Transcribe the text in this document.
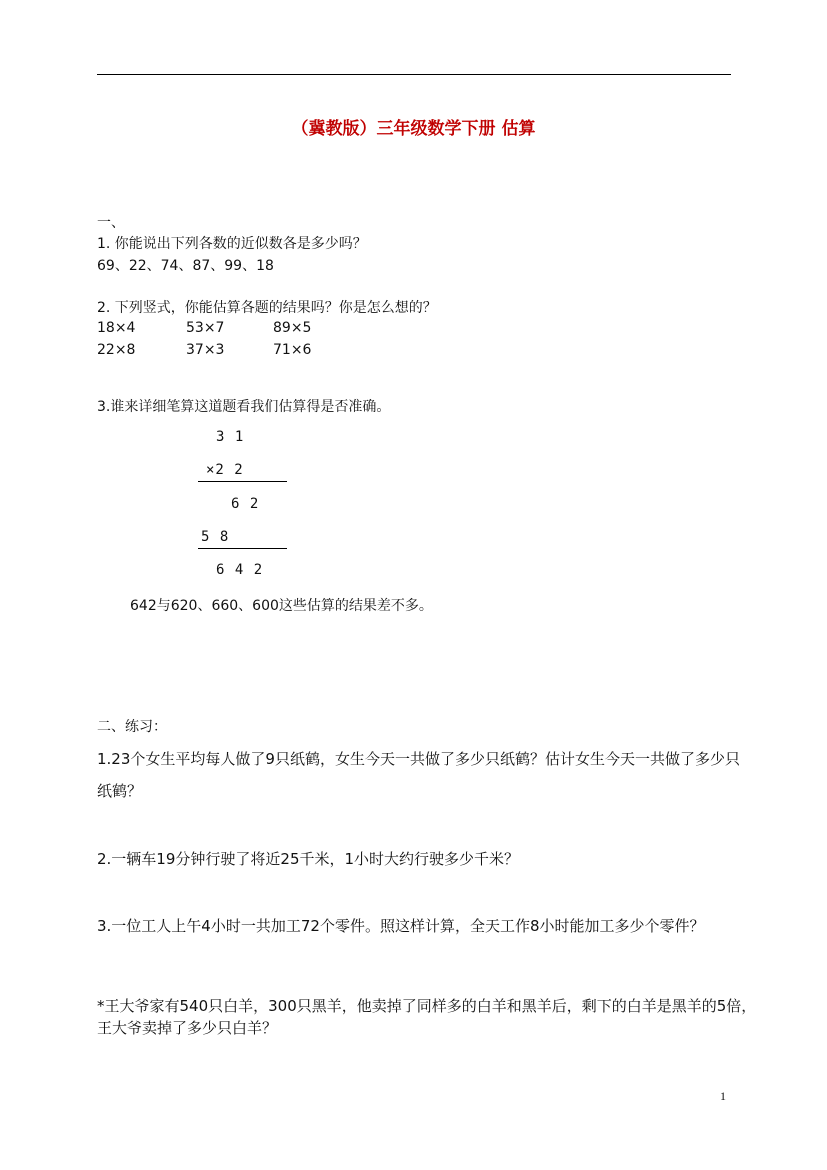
（冀教版）三年级数学下册 估算
一、
1. 你能说出下列各数的近似数各是多少吗？
69、22、74、87、99、18
2. 下列竖式，你能估算各题的结果吗？你是怎么想的？
18×4	53×7	89×5
22×8	37×3	71×6
3.谁来详细笔算这道题看我们估算得是否准确。
3 1
×2 2
6 2
5 8
6 4 2
642与620、660、600这些估算的结果差不多。
二、练习：
1.23个女生平均每人做了9只纸鹤，女生今天一共做了多少只纸鹤？估计女生今天一共做了多少只
纸鹤？
2.一辆车19分钟行驶了将近25千米，1小时大约行驶多少千米？
3.一位工人上午4小时一共加工72个零件。照这样计算，全天工作8小时能加工多少个零件？
*王大爷家有540只白羊，300只黑羊，他卖掉了同样多的白羊和黑羊后，剩下的白羊是黑羊的5倍，
王大爷卖掉了多少只白羊？
1
